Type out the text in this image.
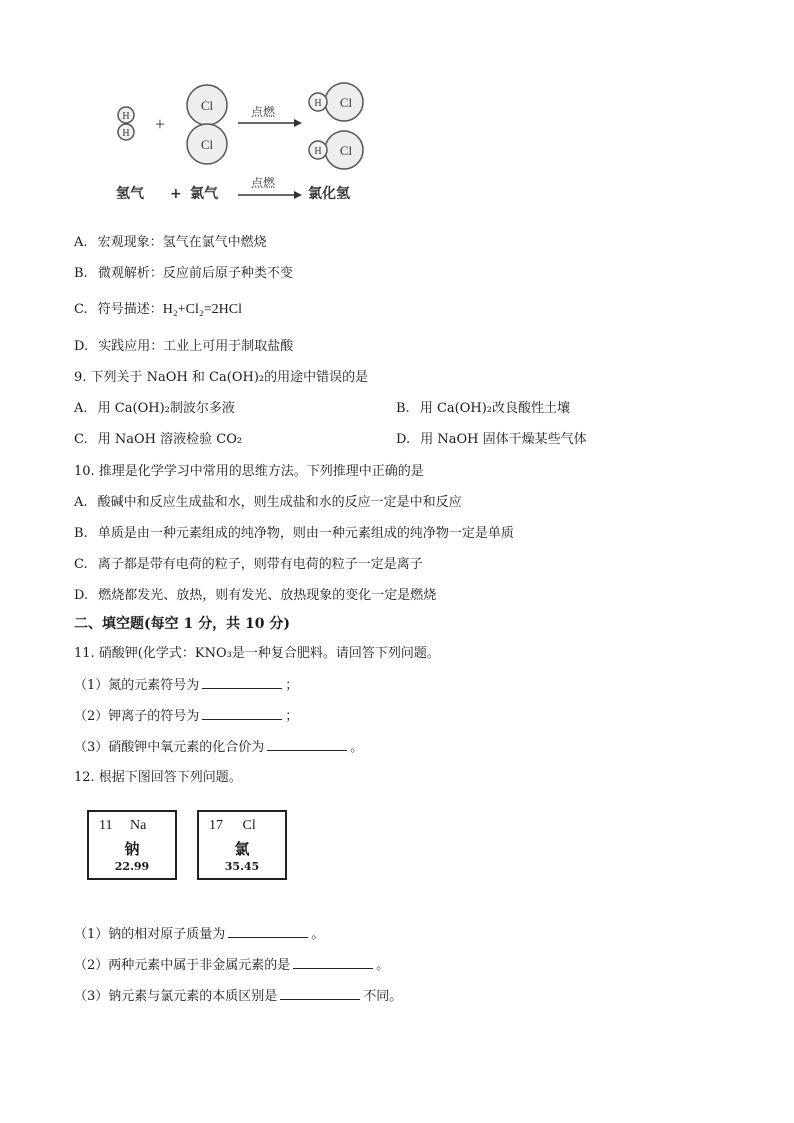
H
H +
Cl
Cl
点燃
H Cl
H Cl
氢气 + 氯气
点燃
氯化氢
A. 宏观现象：氢气在氯气中燃烧
B. 微观解析：反应前后原子种类不变
C. 符号描述：H₂+Cl₂=2HCl
D. 实践应用：工业上可用于制取盐酸
9. 下列关于 NaOH 和 Ca(OH)₂的用途中错误的是
A. 用 Ca(OH)₂制波尔多液	B. 用 Ca(OH)₂改良酸性土壤
C. 用 NaOH 溶液检验 CO₂	D. 用 NaOH 固体干燥某些气体
10. 推理是化学学习中常用的思维方法。下列推理中正确的是
A. 酸碱中和反应生成盐和水，则生成盐和水的反应一定是中和反应
B. 单质是由一种元素组成的纯净物，则由一种元素组成的纯净物一定是单质
C. 离子都是带有电荷的粒子，则带有电荷的粒子一定是离子
D. 燃烧都发光、放热，则有发光、放热现象的变化一定是燃烧
二、填空题(每空 1 分，共 10 分)
11. 硝酸钾(化学式：KNO₃是一种复合肥料。请回答下列问题。
（1）氮的元素符号为	；
（2）钾离子的符号为	；
（3）硝酸钾中氧元素的化合价为	。
12. 根据下图回答下列问题。
11 Na
钠
22.99
17 Cl
氯
35.45
（1）钠的相对原子质量为	。
（2）两种元素中属于非金属元素的是	。
（3）钠元素与氯元素的本质区别是	不同。
